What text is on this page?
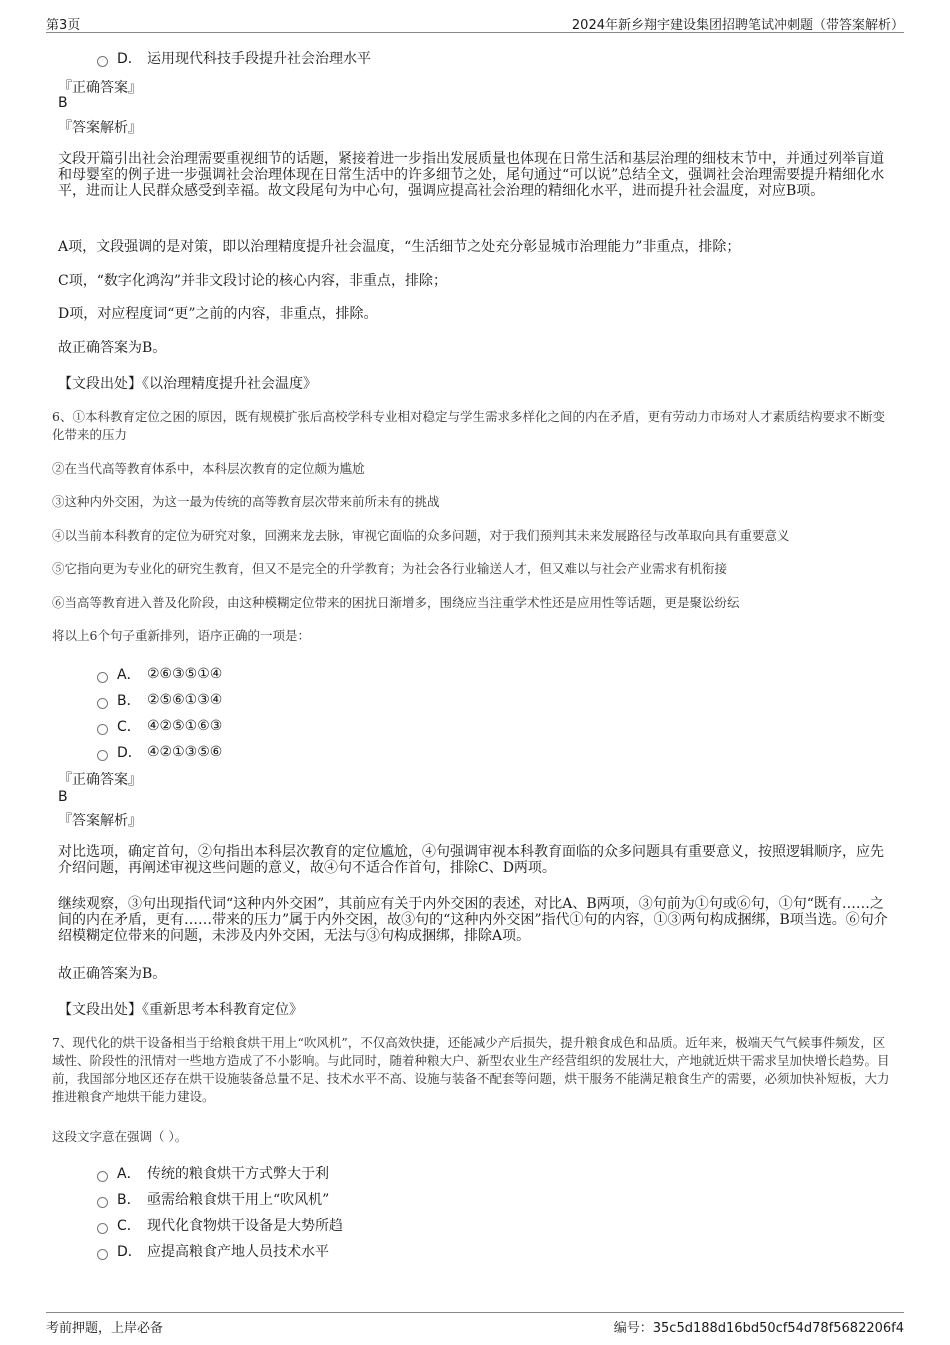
第3页	2024年新乡翔宇建设集团招聘笔试冲刺题（带答案解析）
D． 运用现代科技手段提升社会治理水平
『正确答案』
B
『答案解析』
文段开篇引出社会治理需要重视细节的话题，紧接着进一步指出发展质量也体现在日常生活和基层治理的细枝末节中，并通过列举盲道和母婴室的例子进一步强调社会治理体现在日常生活中的许多细节之处，尾句通过“可以说”总结全文，强调社会治理需要提升精细化水平，进而让人民群众感受到幸福。故文段尾句为中心句，强调应提高社会治理的精细化水平，进而提升社会温度，对应B项。
A项，文段强调的是对策，即以治理精度提升社会温度，“生活细节之处充分彰显城市治理能力”非重点，排除；
C项，“数字化鸿沟”并非文段讨论的核心内容，非重点，排除；
D项，对应程度词“更”之前的内容，非重点，排除。
故正确答案为B。
【文段出处】《以治理精度提升社会温度》
6、①本科教育定位之困的原因，既有规模扩张后高校学科专业相对稳定与学生需求多样化之间的内在矛盾，更有劳动力市场对人才素质结构要求不断变化带来的压力
②在当代高等教育体系中，本科层次教育的定位颇为尴尬
③这种内外交困，为这一最为传统的高等教育层次带来前所未有的挑战
④以当前本科教育的定位为研究对象，回溯来龙去脉，审视它面临的众多问题，对于我们预判其未来发展路径与改革取向具有重要意义
⑤它指向更为专业化的研究生教育，但又不是完全的升学教育；为社会各行业输送人才，但又难以与社会产业需求有机衔接
⑥当高等教育进入普及化阶段，由这种模糊定位带来的困扰日渐增多，围绕应当注重学术性还是应用性等话题，更是聚讼纷纭
将以上6个句子重新排列，语序正确的一项是：
A． ②⑥③⑤①④
B． ②⑤⑥①③④
C． ④②⑤①⑥③
D． ④②①③⑤⑥
『正确答案』
B
『答案解析』
对比选项，确定首句，②句指出本科层次教育的定位尴尬，④句强调审视本科教育面临的众多问题具有重要意义，按照逻辑顺序，应先介绍问题，再阐述审视这些问题的意义，故④句不适合作首句，排除C、D两项。
继续观察，③句出现指代词“这种内外交困”，其前应有关于内外交困的表述，对比A、B两项，③句前为①句或⑥句，①句“既有……之间的内在矛盾，更有……带来的压力”属于内外交困，故③句的“这种内外交困”指代①句的内容，①③两句构成捆绑，B项当选。⑥句介绍模糊定位带来的问题，未涉及内外交困，无法与③句构成捆绑，排除A项。
故正确答案为B。
【文段出处】《重新思考本科教育定位》
7、现代化的烘干设备相当于给粮食烘干用上“吹风机”，不仅高效快捷，还能减少产后损失，提升粮食成色和品质。近年来，极端天气气候事件频发，区域性、阶段性的汛情对一些地方造成了不小影响。与此同时，随着种粮大户、新型农业生产经营组织的发展壮大，产地就近烘干需求呈加快增长趋势。目前，我国部分地区还存在烘干设施装备总量不足、技术水平不高、设施与装备不配套等问题，烘干服务不能满足粮食生产的需要，必须加快补短板，大力推进粮食产地烘干能力建设。
这段文字意在强调（ ）。
A． 传统的粮食烘干方式弊大于利
B． 亟需给粮食烘干用上“吹风机”
C． 现代化食物烘干设备是大势所趋
D． 应提高粮食产地人员技术水平
考前押题，上岸必备	编号：35c5d188d16bd50cf54d78f5682206f4
